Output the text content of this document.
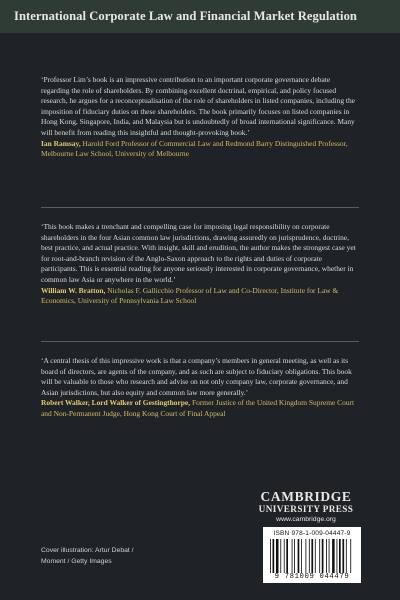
International Corporate Law and Financial Market Regulation
‘Professor Lim’s book is an impressive contribution to an important corporate governance debate regarding the role of shareholders. By combining excellent doctrinal, empirical, and policy focused research, he argues for a reconceptualisation of the role of shareholders in listed companies, including the imposition of fiduciary duties on these shareholders. The book primarily focuses on listed companies in Hong Kong, Singapore, India, and Malaysia but is undoubtedly of broad international significance. Many will benefit from reading this insightful and thought-provoking book.’
Ian Ramsay, Harold Ford Professor of Commercial Law and Redmond Barry Distinguished Professor, Melbourne Law School, University of Melbourne
‘This book makes a trenchant and compelling case for imposing legal responsibility on corporate shareholders in the four Asian common law jurisdictions, drawing assuredly on jurisprudence, doctrine, best practice, and actual practice. With insight, skill and erudition, the author makes the strongest case yet for root-and-branch revision of the Anglo-Saxon approach to the rights and duties of corporate participants. This is essential reading for anyone seriously interested in corporate governance, whether in common law Asia or anywhere in the world.’
William W. Bratton, Nicholas F. Gallicchio Professor of Law and Co-Director, Institute for Law & Economics, University of Pennsylvania Law School
‘A central thesis of this impressive work is that a company’s members in general meeting, as well as its board of directors, are agents of the company, and as such are subject to fiduciary obligations. This book will be valuable to those who research and advise on not only company law, corporate governance, and Asian jurisdictions, but also equity and common law more generally.’
Robert Walker, Lord Walker of Gestingthorpe, Former Justice of the United Kingdom Supreme Court and Non-Permanent Judge, Hong Kong Court of Final Appeal
CAMBRIDGE
UNIVERSITY PRESS
www.cambridge.org
ISBN 978-1-009-04447-9
9 781009 044479
Cover illustration: Artur Debat /
Moment / Getty Images
